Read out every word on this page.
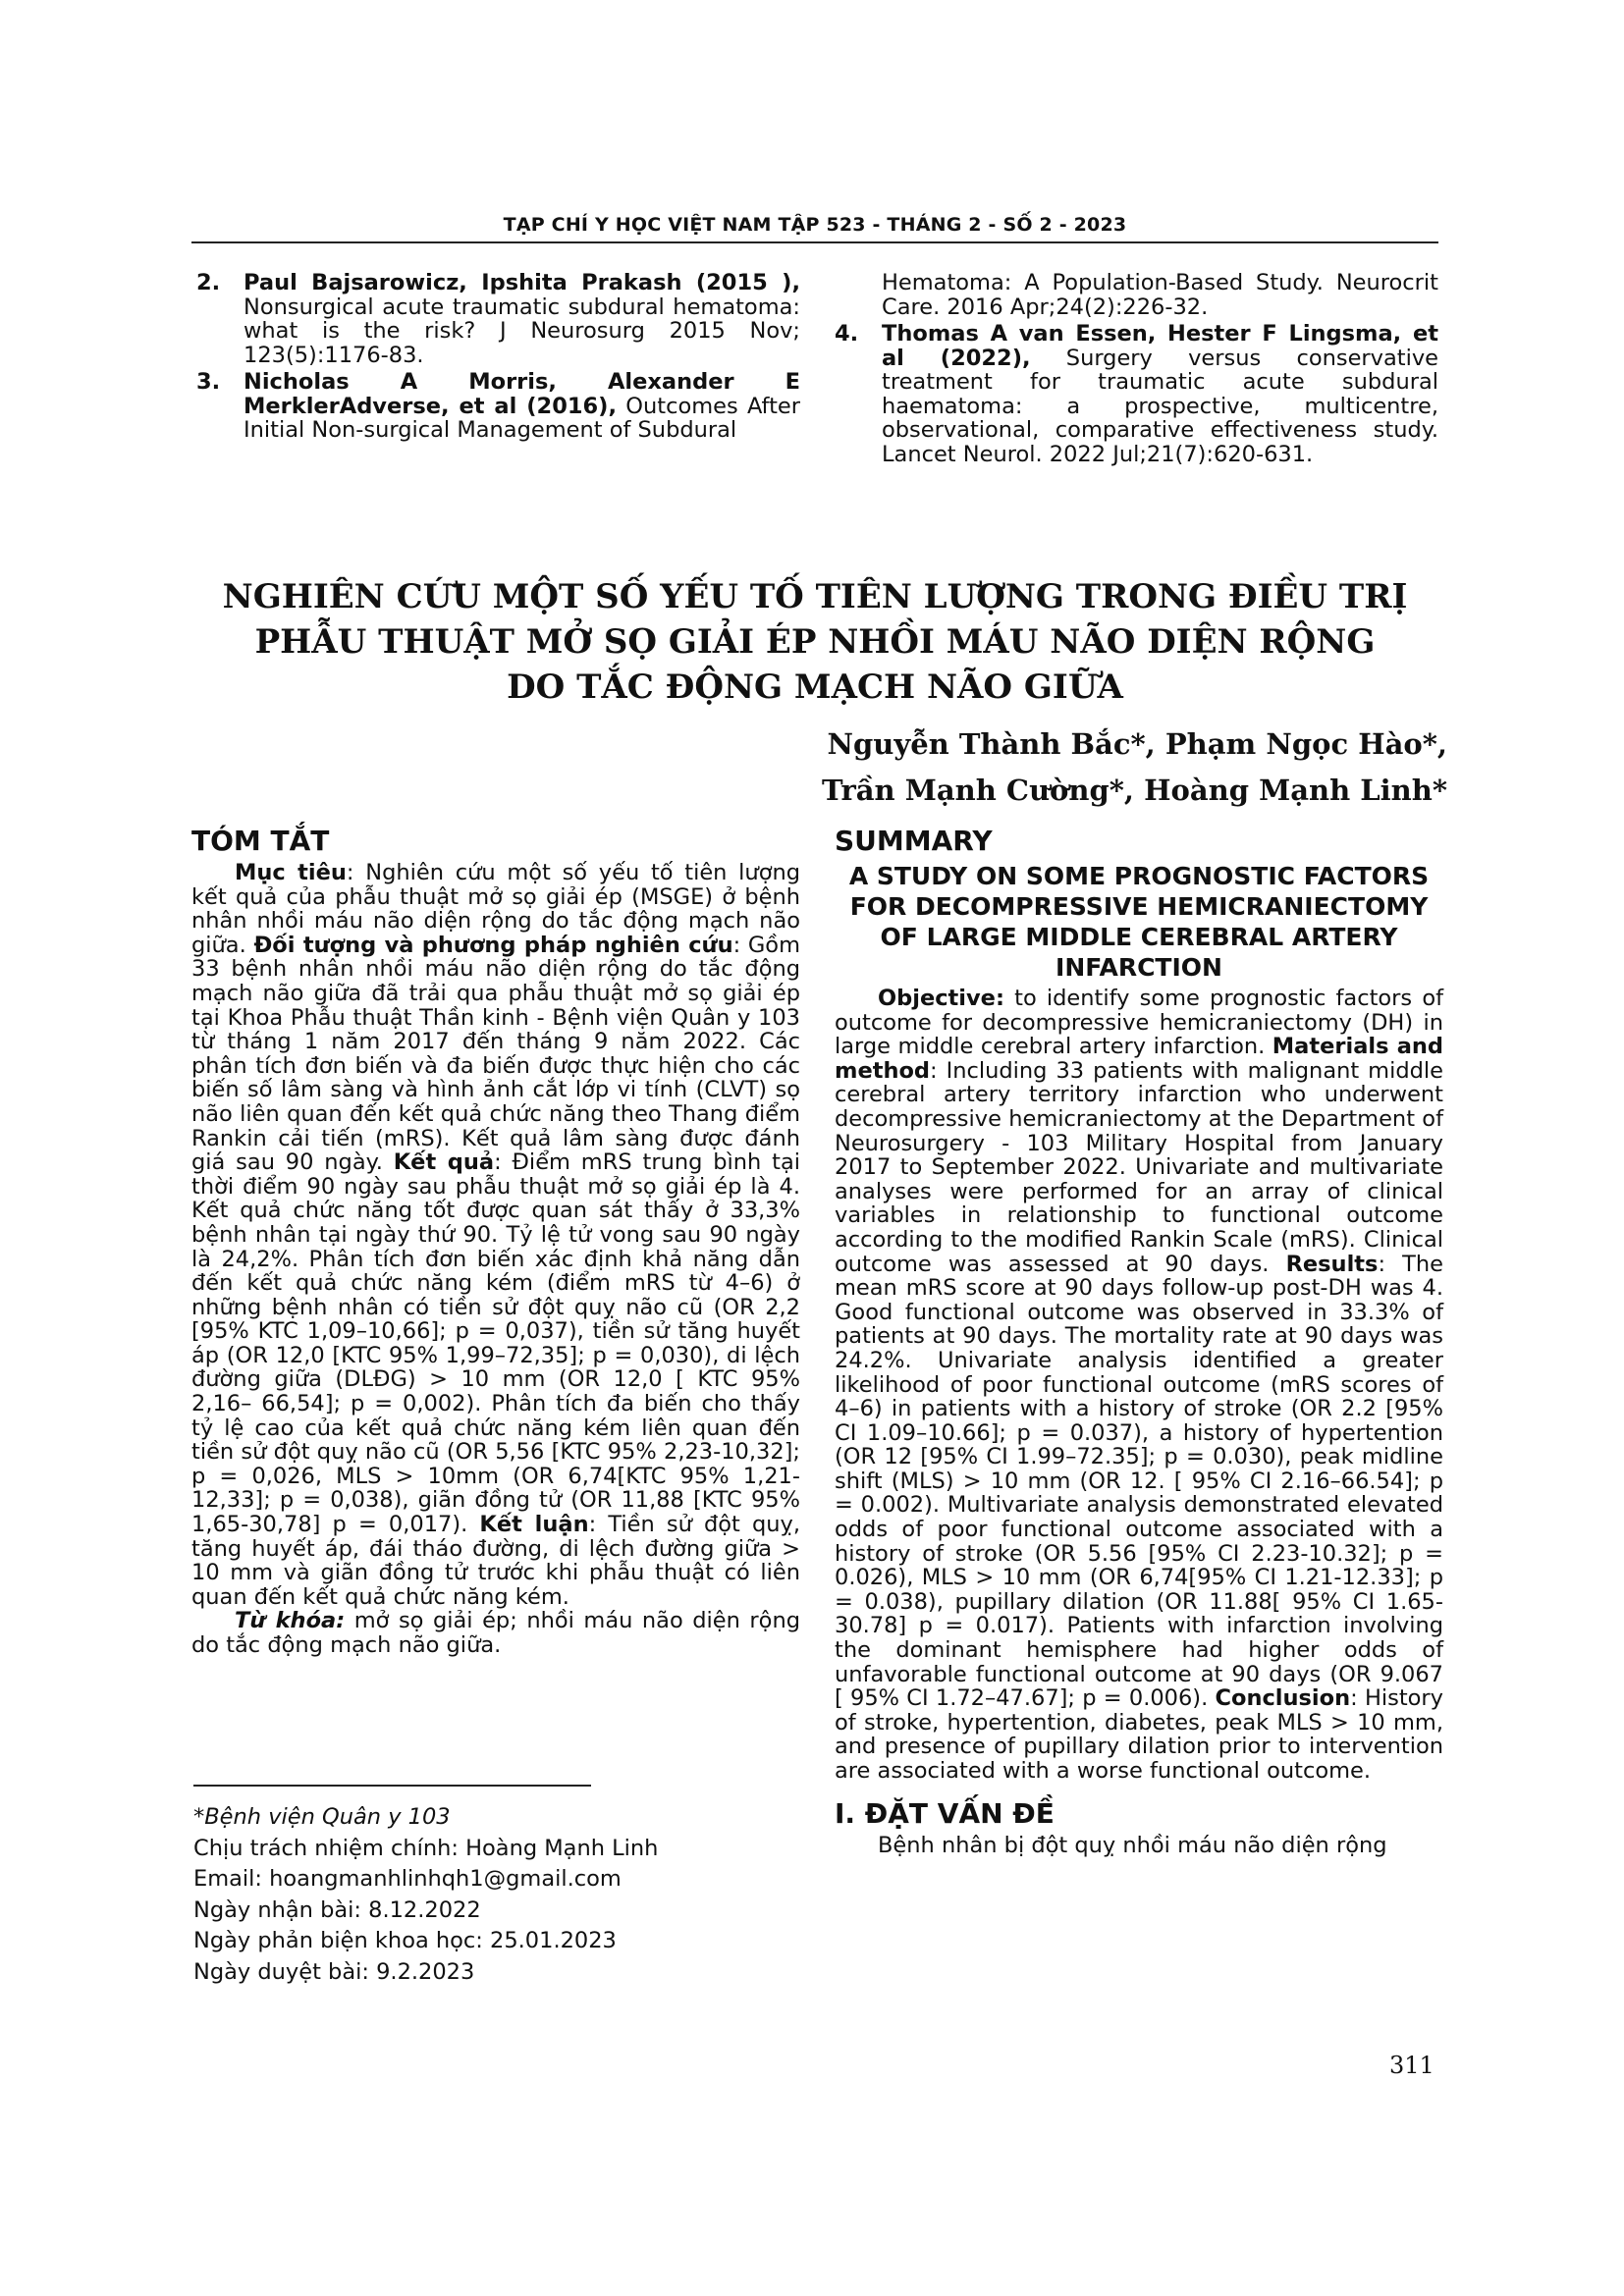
TẠP CHÍ Y HỌC VIỆT NAM TẬP 523 - THÁNG 2 - SỐ 2 - 2023
2. Paul Bajsarowicz, Ipshita Prakash (2015 ), Nonsurgical acute traumatic subdural hematoma: what is the risk? J Neurosurg 2015 Nov; 123(5):1176-83.
3. Nicholas A Morris, Alexander E MerklerAdverse, et al (2016), Outcomes After Initial Non-surgical Management of Subdural
Hematoma: A Population-Based Study. Neurocrit Care. 2016 Apr;24(2):226-32.
4. Thomas A van Essen, Hester F Lingsma, et al (2022), Surgery versus conservative treatment for traumatic acute subdural haematoma: a prospective, multicentre, observational, comparative effectiveness study. Lancet Neurol. 2022 Jul;21(7):620-631.
NGHIÊN CỨU MỘT SỐ YẾU TỐ TIÊN LƯỢNG TRONG ĐIỀU TRỊ
PHẪU THUẬT MỞ SỌ GIẢI ÉP NHỒI MÁU NÃO DIỆN RỘNG
DO TẮC ĐỘNG MẠCH NÃO GIỮA
Nguyễn Thành Bắc*, Phạm Ngọc Hào*,
Trần Mạnh Cường*, Hoàng Mạnh Linh*
TÓM TẮT

Mục tiêu: Nghiên cứu một số yếu tố tiên lượng kết quả của phẫu thuật mở sọ giải ép (MSGE) ở bệnh nhân nhồi máu não diện rộng do tắc động mạch não giữa. Đối tượng và phương pháp nghiên cứu: Gồm 33 bệnh nhân nhồi máu não diện rộng do tắc động mạch não giữa đã trải qua phẫu thuật mở sọ giải ép tại Khoa Phẫu thuật Thần kinh - Bệnh viện Quân y 103 từ tháng 1 năm 2017 đến tháng 9 năm 2022. Các phân tích đơn biến và đa biến được thực hiện cho các biến số lâm sàng và hình ảnh cắt lớp vi tính (CLVT) sọ não liên quan đến kết quả chức năng theo Thang điểm Rankin cải tiến (mRS). Kết quả lâm sàng được đánh giá sau 90 ngày. Kết quả: Điểm mRS trung bình tại thời điểm 90 ngày sau phẫu thuật mở sọ giải ép là 4. Kết quả chức năng tốt được quan sát thấy ở 33,3% bệnh nhân tại ngày thứ 90. Tỷ lệ tử vong sau 90 ngày là 24,2%. Phân tích đơn biến xác định khả năng dẫn đến kết quả chức năng kém (điểm mRS từ 4–6) ở những bệnh nhân có tiền sử đột quỵ não cũ (OR 2,2 [95% KTC 1,09–10,66]; p = 0,037), tiền sử tăng huyết áp (OR 12,0 [KTC 95% 1,99–72,35]; p = 0,030), di lệch đường giữa (DLĐG) > 10 mm (OR 12,0 [ KTC 95% 2,16– 66,54]; p = 0,002). Phân tích đa biến cho thấy tỷ lệ cao của kết quả chức năng kém liên quan đến tiền sử đột quỵ não cũ (OR 5,56 [KTC 95% 2,23-10,32]; p = 0,026, MLS > 10mm (OR 6,74[KTC 95% 1,21-12,33]; p = 0,038), giãn đồng tử (OR 11,88 [KTC 95% 1,65-30,78] p = 0,017). Kết luận: Tiền sử đột quỵ, tăng huyết áp, đái tháo đường, di lệch đường giữa > 10 mm và giãn đồng tử trước khi phẫu thuật có liên quan đến kết quả chức năng kém.

Từ khóa: mở sọ giải ép; nhồi máu não diện rộng do tắc động mạch não giữa.

*Bệnh viện Quân y 103
Chịu trách nhiệm chính: Hoàng Mạnh Linh
Email: hoangmanhlinhqh1@gmail.com
Ngày nhận bài: 8.12.2022
Ngày phản biện khoa học: 25.01.2023
Ngày duyệt bài: 9.2.2023
SUMMARY
A STUDY ON SOME PROGNOSTIC FACTORS
FOR DECOMPRESSIVE HEMICRANIECTOMY
OF LARGE MIDDLE CEREBRAL ARTERY
INFARCTION

Objective: to identify some prognostic factors of outcome for decompressive hemicraniectomy (DH) in large middle cerebral artery infarction. Materials and method: Including 33 patients with malignant middle cerebral artery territory infarction who underwent decompressive hemicraniectomy at the Department of Neurosurgery - 103 Military Hospital from January 2017 to September 2022. Univariate and multivariate analyses were performed for an array of clinical variables in relationship to functional outcome according to the modified Rankin Scale (mRS). Clinical outcome was assessed at 90 days. Results: The mean mRS score at 90 days follow-up post-DH was 4. Good functional outcome was observed in 33.3% of patients at 90 days. The mortality rate at 90 days was 24.2%. Univariate analysis identified a greater likelihood of poor functional outcome (mRS scores of 4–6) in patients with a history of stroke (OR 2.2 [95% CI 1.09–10.66]; p = 0.037), a history of hypertention (OR 12 [95% CI 1.99–72.35]; p = 0.030), peak midline shift (MLS) > 10 mm (OR 12. [ 95% CI 2.16–66.54]; p = 0.002). Multivariate analysis demonstrated elevated odds of poor functional outcome associated with a history of stroke (OR 5.56 [95% CI 2.23-10.32]; p = 0.026), MLS > 10 mm (OR 6,74[95% CI 1.21-12.33]; p = 0.038), pupillary dilation (OR 11.88[ 95% CI 1.65-30.78] p = 0.017). Patients with infarction involving the dominant hemisphere had higher odds of unfavorable functional outcome at 90 days (OR 9.067 [ 95% CI 1.72–47.67]; p = 0.006). Conclusion: History of stroke, hypertention, diabetes, peak MLS > 10 mm, and presence of pupillary dilation prior to intervention are associated with a worse functional outcome.

I. ĐẶT VẤN ĐỀ

Bệnh nhân bị đột quỵ nhồi máu não diện rộng

311
